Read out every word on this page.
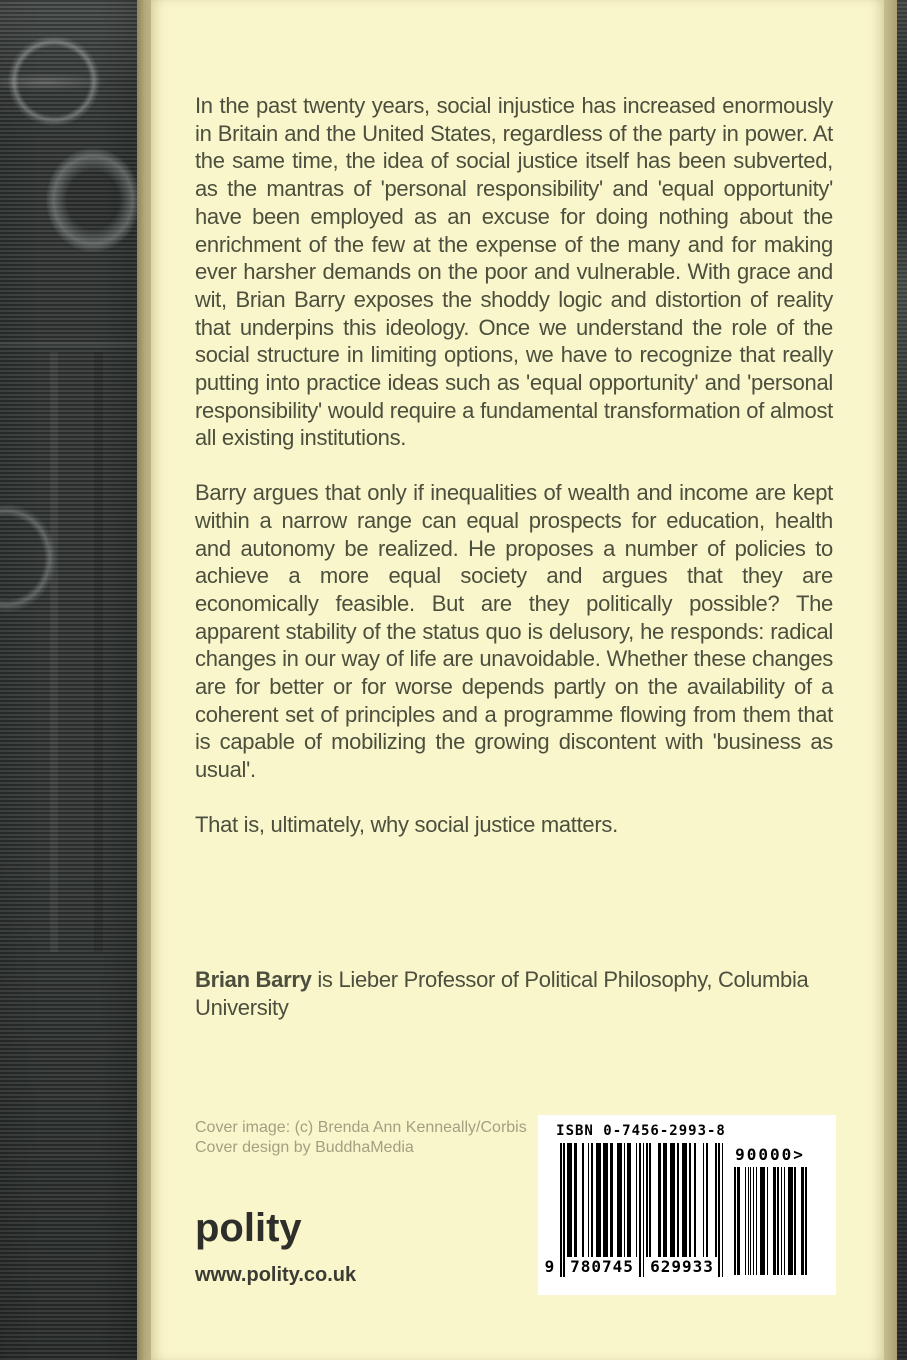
In the past twenty years, social injustice has increased enormously in Britain and the United States, regardless of the party in power. At the same time, the idea of social justice itself has been subverted, as the mantras of 'personal responsibility' and 'equal opportunity' have been employed as an excuse for doing nothing about the enrichment of the few at the expense of the many and for making ever harsher demands on the poor and vulnerable. With grace and wit, Brian Barry exposes the shoddy logic and distortion of reality that underpins this ideology. Once we understand the role of the social structure in limiting options, we have to recognize that really putting into practice ideas such as 'equal opportunity' and 'personal responsibility' would require a fundamental transformation of almost all existing institutions.

Barry argues that only if inequalities of wealth and income are kept within a narrow range can equal prospects for education, health and autonomy be realized. He proposes a number of policies to achieve a more equal society and argues that they are economically feasible. But are they politically possible? The apparent stability of the status quo is delusory, he responds: radical changes in our way of life are unavoidable. Whether these changes are for better or for worse depends partly on the availability of a coherent set of principles and a programme flowing from them that is capable of mobilizing the growing discontent with 'business as usual'.

That is, ultimately, why social justice matters.

Brian Barry is Lieber Professor of Political Philosophy, Columbia University

Cover image: (c) Brenda Ann Kenneally/Corbis
Cover design by BuddhaMedia
polity
www.polity.co.uk
ISBN 0-7456-2993-8
9 780745 629933
90000>
